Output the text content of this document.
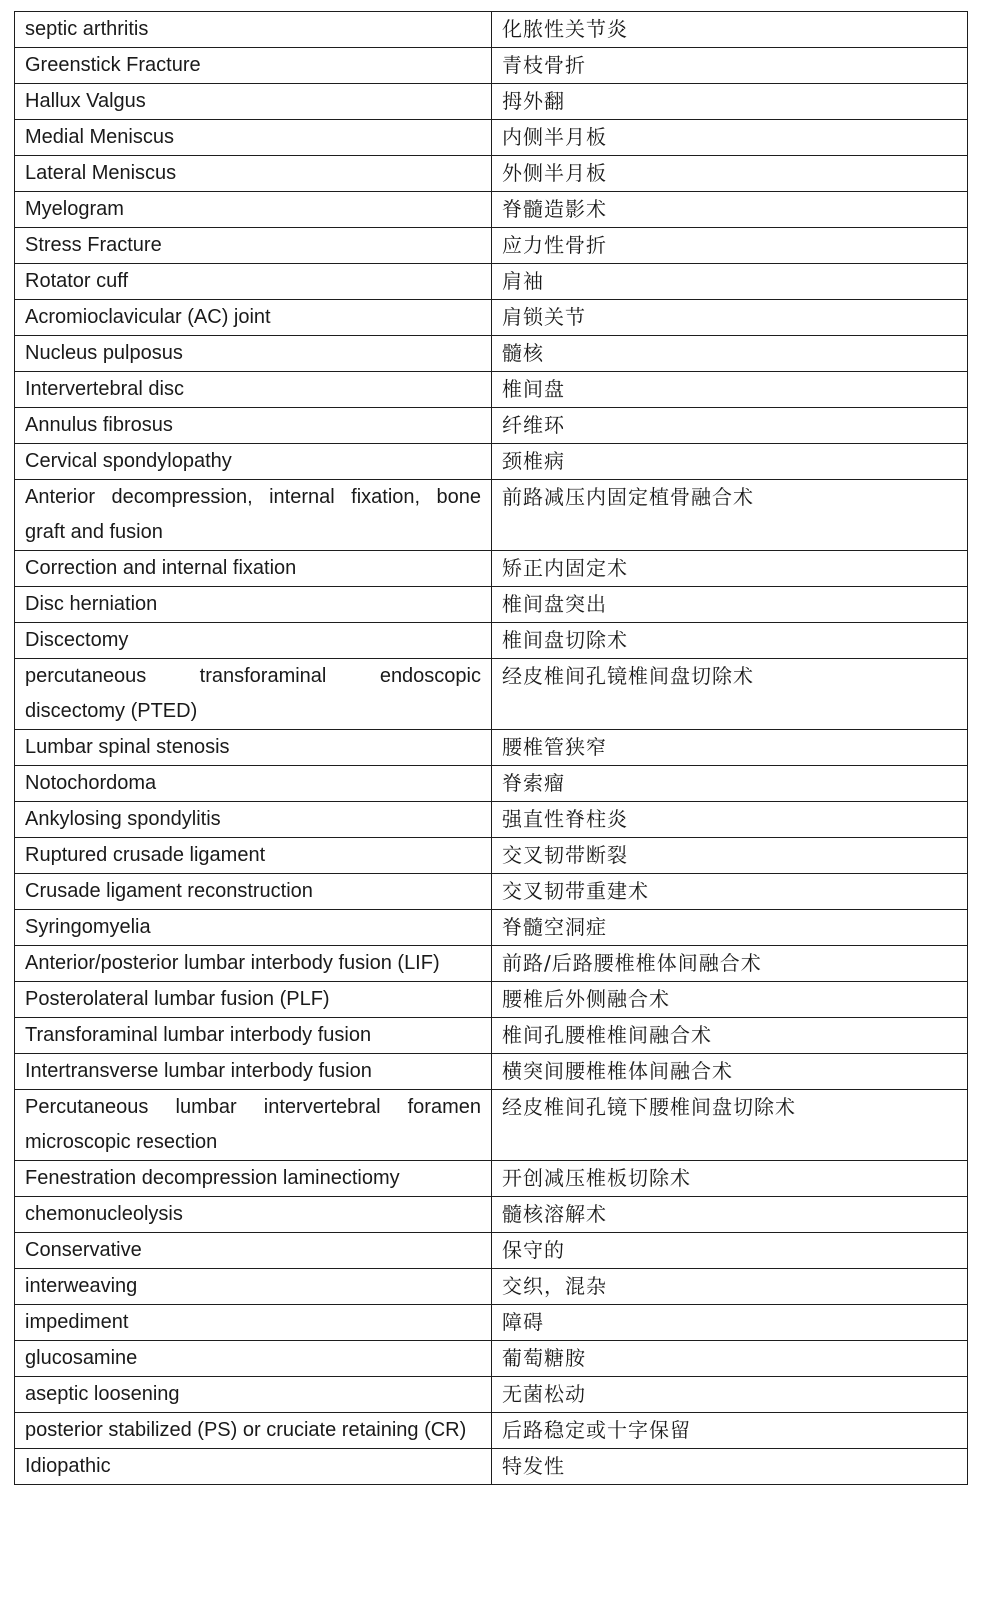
septic arthritis	化脓性关节炎
Greenstick Fracture	青枝骨折
Hallux Valgus	拇外翻
Medial Meniscus	内侧半月板
Lateral Meniscus	外侧半月板
Myelogram	脊髓造影术
Stress Fracture	应力性骨折
Rotator cuff	肩袖
Acromioclavicular (AC) joint	肩锁关节
Nucleus pulposus	髓核
Intervertebral disc	椎间盘
Annulus fibrosus	纤维环
Cervical spondylopathy	颈椎病
Anterior decompression, internal fixation, bone graft and fusion	前路减压内固定植骨融合术
Correction and internal fixation	矫正内固定术
Disc herniation	椎间盘突出
Discectomy	椎间盘切除术
percutaneous transforaminal endoscopic discectomy (PTED)	经皮椎间孔镜椎间盘切除术
Lumbar spinal stenosis	腰椎管狭窄
Notochordoma	脊索瘤
Ankylosing spondylitis	强直性脊柱炎
Ruptured crusade ligament	交叉韧带断裂
Crusade ligament reconstruction	交叉韧带重建术
Syringomyelia	脊髓空洞症
Anterior/posterior lumbar interbody fusion (LIF)	前路/后路腰椎椎体间融合术
Posterolateral lumbar fusion (PLF)	腰椎后外侧融合术
Transforaminal lumbar interbody fusion	椎间孔腰椎椎间融合术
Intertransverse lumbar interbody fusion	横突间腰椎椎体间融合术
Percutaneous lumbar intervertebral foramen microscopic resection	经皮椎间孔镜下腰椎间盘切除术
Fenestration decompression laminectiomy	开创减压椎板切除术
chemonucleolysis	髓核溶解术
Conservative	保守的
interweaving	交织，混杂
impediment	障碍
glucosamine	葡萄糖胺
aseptic loosening	无菌松动
posterior stabilized (PS) or cruciate retaining (CR)	后路稳定或十字保留
Idiopathic	特发性
